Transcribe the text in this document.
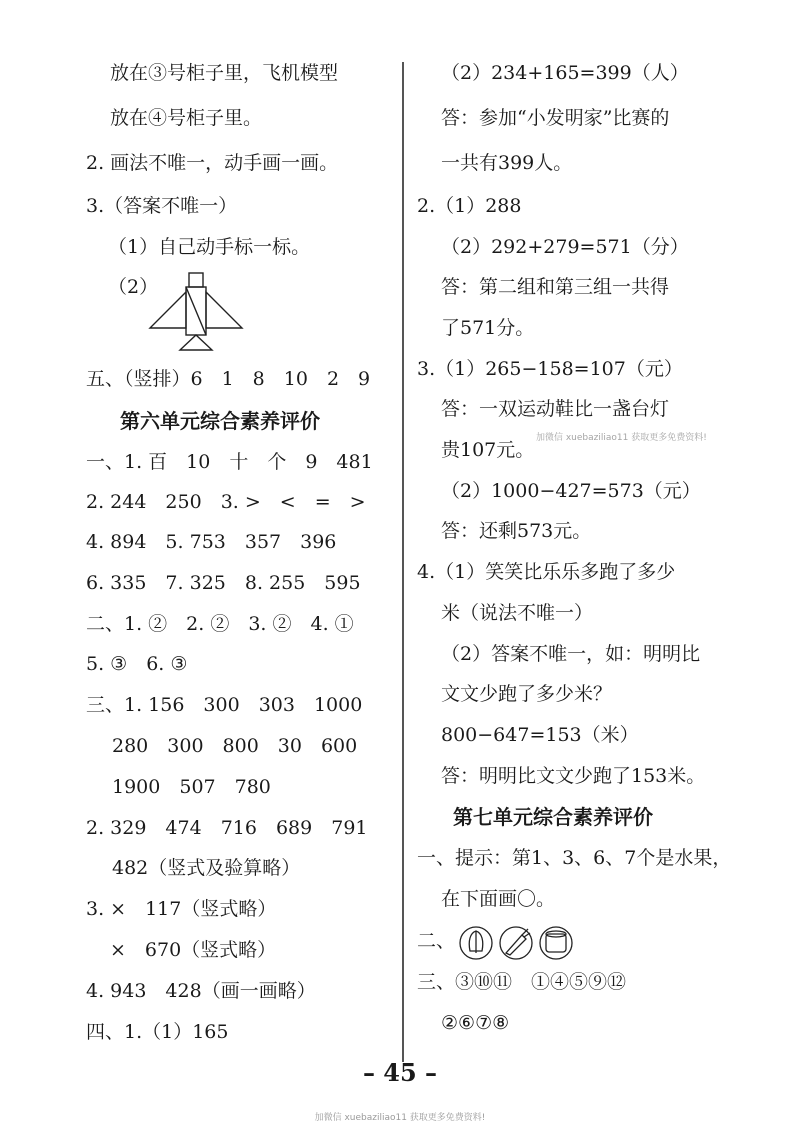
放在③号柜子里，飞机模型
放在④号柜子里。
2. 画法不唯一，动手画一画。
3.（答案不唯一）
（1）自己动手标一标。
（2）
五、（竖排）6　1　8　10　2　9
第六单元综合素养评价
一、1. 百　10　十　个　9　481
2. 244　250　3. >　<　=　>
4. 894　5. 753　357　396
6. 335　7. 325　8. 255　595
二、1. ②　2. ②　3. ②　4. ①
5. ③　6. ③
三、1. 156　300　303　1000
280　300　800　30　600
1900　507　780
2. 329　474　716　689　791
482（竖式及验算略）
3. ×　117（竖式略）
×　670（竖式略）
4. 943　428（画一画略）
四、1.（1）165
（2）234+165=399（人）
答：参加“小发明家”比赛的
一共有399人。
2.（1）288
（2）292+279=571（分）
答：第二组和第三组一共得
了571分。
3.（1）265−158=107（元）
答：一双运动鞋比一盏台灯
贵107元。
（2）1000−427=573（元）
答：还剩573元。
4.（1）笑笑比乐乐多跑了多少
米（说法不唯一）
（2）答案不唯一，如：明明比
文文少跑了多少米？
800−647=153（米）
答：明明比文文少跑了153米。
第七单元综合素养评价
一、提示：第1、3、6、7个是水果，
在下面画〇。
二、
三、③⑩⑪　①④⑤⑨⑫
②⑥⑦⑧
加微信 xuebaziliao11 获取更多免费资料!
– 45 –
加微信 xuebaziliao11 获取更多免费资料!
